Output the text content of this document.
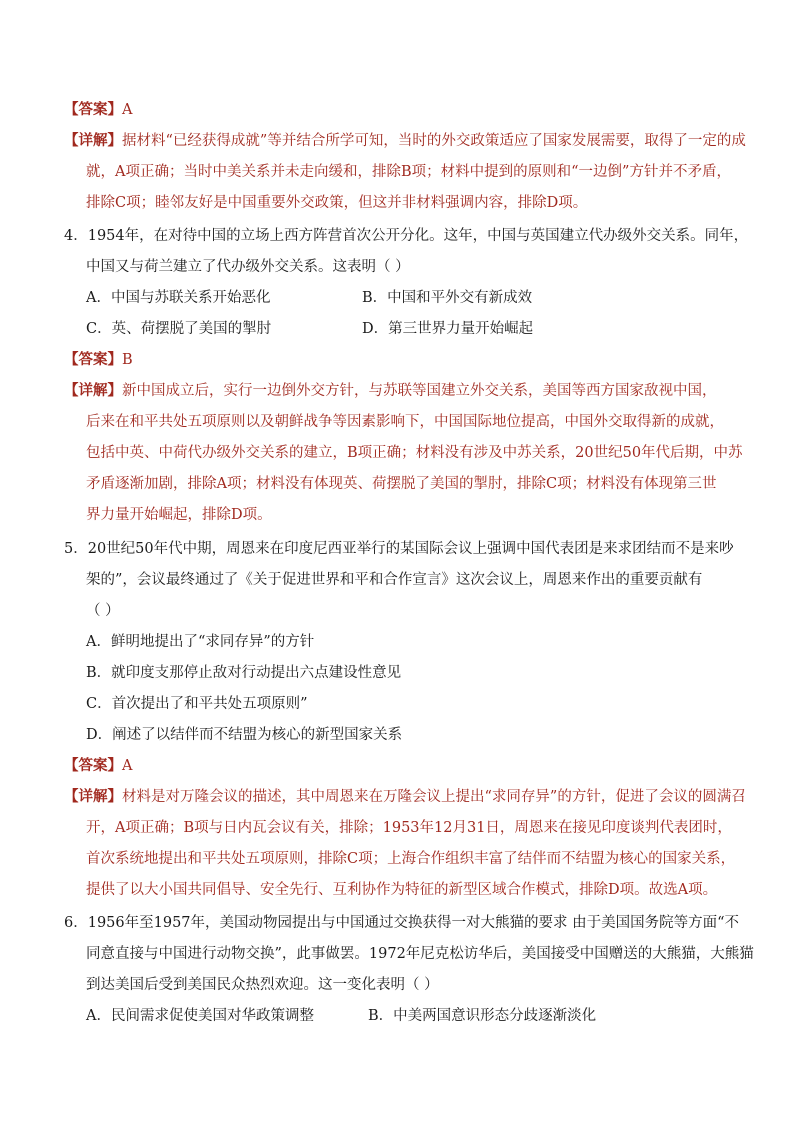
【答案】A
【详解】据材料“已经获得成就”等并结合所学可知，当时的外交政策适应了国家发展需要，取得了一定的成
就，A项正确；当时中美关系并未走向缓和，排除B项；材料中提到的原则和“一边倒”方针并不矛盾，
排除C项；睦邻友好是中国重要外交政策，但这并非材料强调内容，排除D项。
4．1954年，在对待中国的立场上西方阵营首次公开分化。这年，中国与英国建立代办级外交关系。同年，
中国又与荷兰建立了代办级外交关系。这表明（ ）
A．中国与苏联关系开始恶化	B．中国和平外交有新成效
C．英、荷摆脱了美国的掣肘	D．第三世界力量开始崛起
【答案】B
【详解】新中国成立后，实行一边倒外交方针，与苏联等国建立外交关系，美国等西方国家敌视中国，
后来在和平共处五项原则以及朝鲜战争等因素影响下，中国国际地位提高，中国外交取得新的成就，
包括中英、中荷代办级外交关系的建立，B项正确；材料没有涉及中苏关系，20世纪50年代后期，中苏
矛盾逐渐加剧，排除A项；材料没有体现英、荷摆脱了美国的掣肘，排除C项；材料没有体现第三世
界力量开始崛起，排除D项。
5．20世纪50年代中期，周恩来在印度尼西亚举行的某国际会议上强调中国代表团是来求团结而不是来吵
架的”，会议最终通过了《关于促进世界和平和合作宣言》这次会议上，周恩来作出的重要贡献有
（ ）
A．鲜明地提出了“求同存异”的方针
B．就印度支那停止敌对行动提出六点建设性意见
C．首次提出了和平共处五项原则”
D．阐述了以结伴而不结盟为核心的新型国家关系
【答案】A
【详解】材料是对万隆会议的描述，其中周恩来在万隆会议上提出“求同存异”的方针，促进了会议的圆满召
开，A项正确；B项与日内瓦会议有关，排除；1953年12月31日，周恩来在接见印度谈判代表团时，
首次系统地提出和平共处五项原则，排除C项；上海合作组织丰富了结伴而不结盟为核心的国家关系，
提供了以大小国共同倡导、安全先行、互利协作为特征的新型区域合作模式，排除D项。故选A项。
6．1956年至1957年，美国动物园提出与中国通过交换获得一对大熊猫的要求 由于美国国务院等方面“不
同意直接与中国进行动物交换”，此事做罢。1972年尼克松访华后，美国接受中国赠送的大熊猫，大熊猫
到达美国后受到美国民众热烈欢迎。这一变化表明（ ）
A．民间需求促使美国对华政策调整	B．中美两国意识形态分歧逐渐淡化
